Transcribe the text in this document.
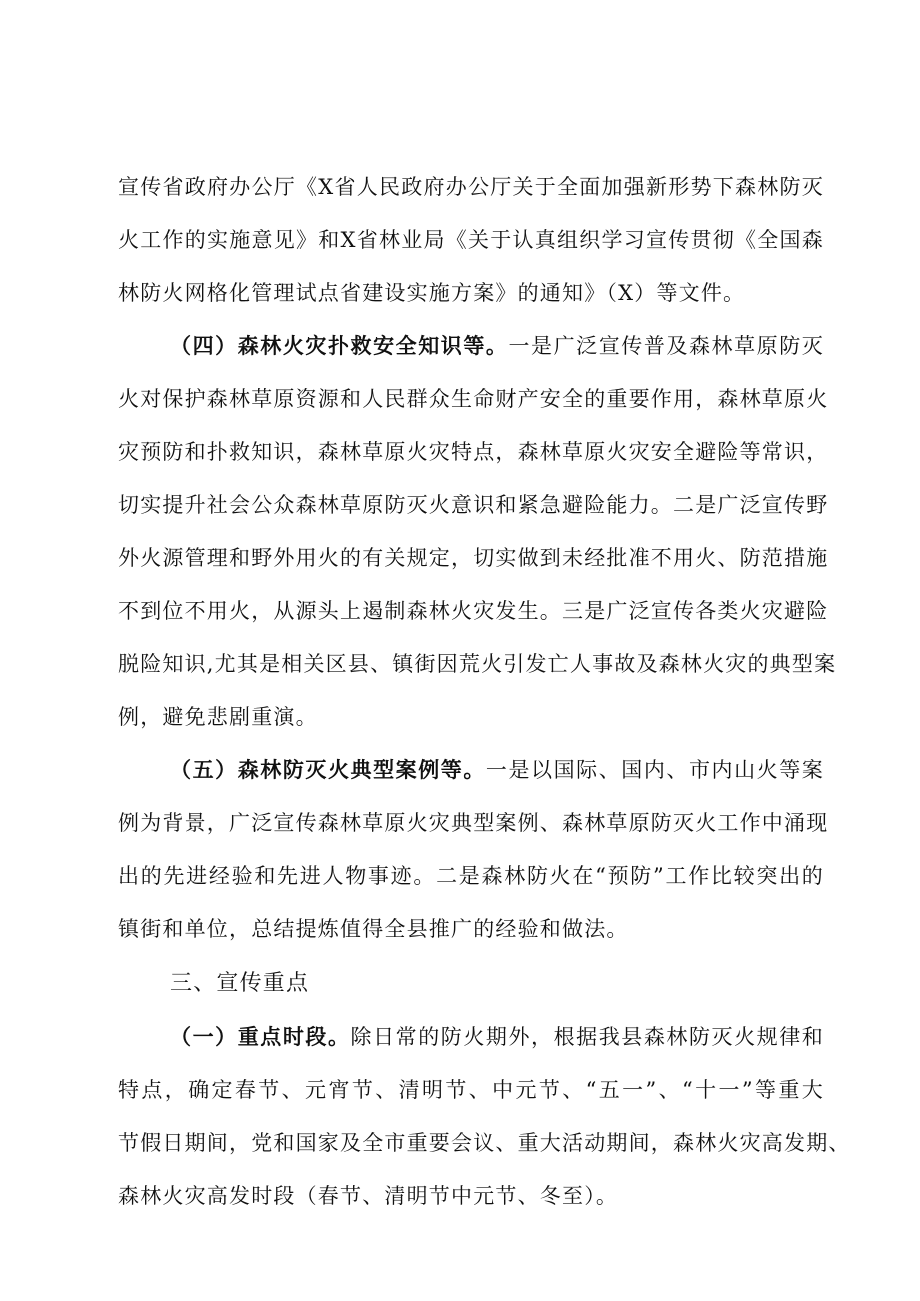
宣传省政府办公厅《X省人民政府办公厅关于全面加强新形势下森林防灭
火工作的实施意见》和X省林业局《关于认真组织学习宣传贯彻《全国森
林防火网格化管理试点省建设实施方案》的通知》（X）等文件。
（四）森林火灾扑救安全知识等。一是广泛宣传普及森林草原防灭
火对保护森林草原资源和人民群众生命财产安全的重要作用，森林草原火
灾预防和扑救知识，森林草原火灾特点，森林草原火灾安全避险等常识，
切实提升社会公众森林草原防灭火意识和紧急避险能力。二是广泛宣传野
外火源管理和野外用火的有关规定，切实做到未经批准不用火、防范措施
不到位不用火，从源头上遏制森林火灾发生。三是广泛宣传各类火灾避险
脱险知识,尤其是相关区县、镇街因荒火引发亡人事故及森林火灾的典型案
例，避免悲剧重演。
（五）森林防灭火典型案例等。一是以国际、国内、市内山火等案
例为背景，广泛宣传森林草原火灾典型案例、森林草原防灭火工作中涌现
出的先进经验和先进人物事迹。二是森林防火在“预防”工作比较突出的
镇街和单位，总结提炼值得全县推广的经验和做法。
三、宣传重点
（一）重点时段。除日常的防火期外，根据我县森林防灭火规律和
特点，确定春节、元宵节、清明节、中元节、“五一”、“十一”等重大
节假日期间，党和国家及全市重要会议、重大活动期间，森林火灾高发期、
森林火灾高发时段（春节、清明节中元节、冬至）。
